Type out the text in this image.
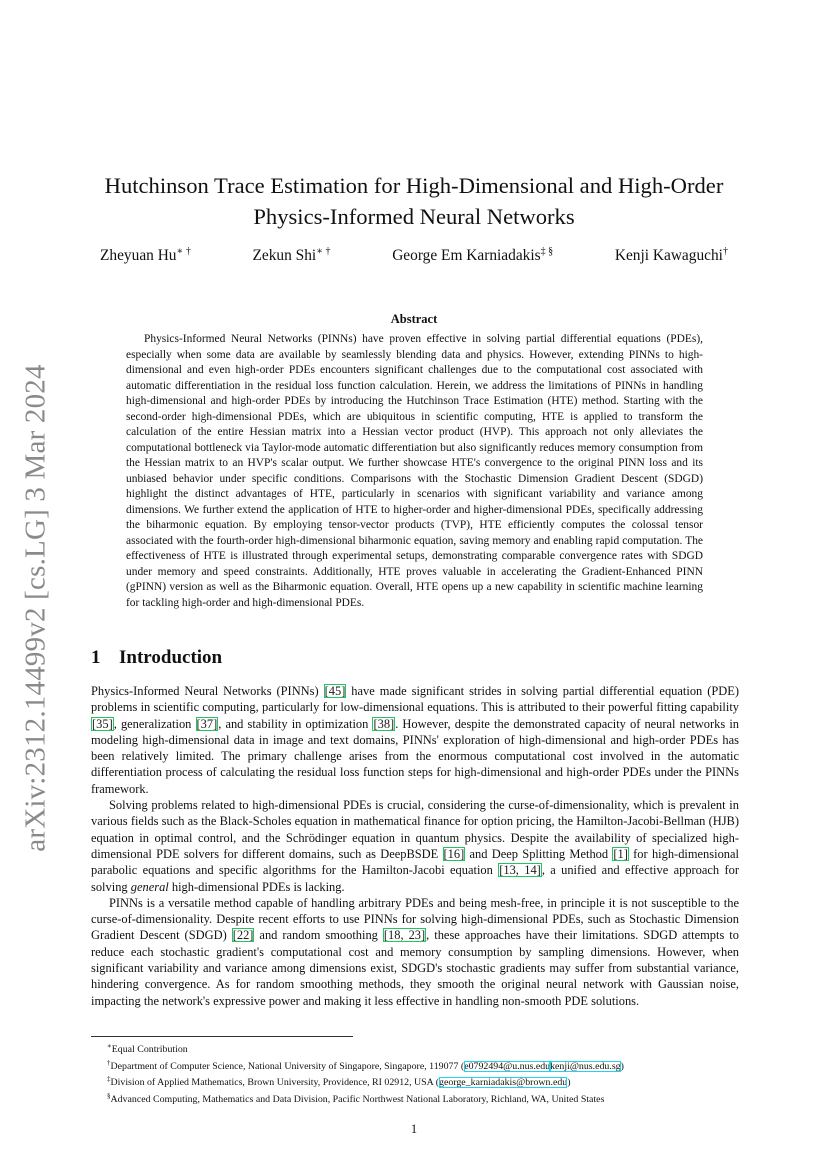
arXiv:2312.14499v2 [cs.LG] 3 Mar 2024
Hutchinson Trace Estimation for High-Dimensional and High-Order
Physics-Informed Neural Networks
Zheyuan Hu∗ †	Zekun Shi∗ †	George Em Karniadakis‡ §	Kenji Kawaguchi†
Abstract

Physics-Informed Neural Networks (PINNs) have proven effective in solving partial differential equations (PDEs), especially when some data are available by seamlessly blending data and physics. However, extending PINNs to high-dimensional and even high-order PDEs encounters significant challenges due to the computational cost associated with automatic differentiation in the residual loss function calculation. Herein, we address the limitations of PINNs in handling high-dimensional and high-order PDEs by introducing the Hutchinson Trace Estimation (HTE) method. Starting with the second-order high-dimensional PDEs, which are ubiquitous in scientific computing, HTE is applied to transform the calculation of the entire Hessian matrix into a Hessian vector product (HVP). This approach not only alleviates the computational bottleneck via Taylor-mode automatic differentiation but also significantly reduces memory consumption from the Hessian matrix to an HVP's scalar output. We further showcase HTE's convergence to the original PINN loss and its unbiased behavior under specific conditions. Comparisons with the Stochastic Dimension Gradient Descent (SDGD) highlight the distinct advantages of HTE, particularly in scenarios with significant variability and variance among dimensions. We further extend the application of HTE to higher-order and higher-dimensional PDEs, specifically addressing the biharmonic equation. By employing tensor-vector products (TVP), HTE efficiently computes the colossal tensor associated with the fourth-order high-dimensional biharmonic equation, saving memory and enabling rapid computation. The effectiveness of HTE is illustrated through experimental setups, demonstrating comparable convergence rates with SDGD under memory and speed constraints. Additionally, HTE proves valuable in accelerating the Gradient-Enhanced PINN (gPINN) version as well as the Biharmonic equation. Overall, HTE opens up a new capability in scientific machine learning for tackling high-order and high-dimensional PDEs.

1 Introduction

Physics-Informed Neural Networks (PINNs) [45] have made significant strides in solving partial differential equation (PDE) problems in scientific computing, particularly for low-dimensional equations. This is attributed to their powerful fitting capability [35], generalization [37], and stability in optimization [38]. However, despite the demonstrated capacity of neural networks in modeling high-dimensional data in image and text domains, PINNs' exploration of high-dimensional and high-order PDEs has been relatively limited. The primary challenge arises from the enormous computational cost involved in the automatic differentiation process of calculating the residual loss function steps for high-dimensional and high-order PDEs under the PINNs framework.

Solving problems related to high-dimensional PDEs is crucial, considering the curse-of-dimensionality, which is prevalent in various fields such as the Black-Scholes equation in mathematical finance for option pricing, the Hamilton-Jacobi-Bellman (HJB) equation in optimal control, and the Schrödinger equation in quantum physics. Despite the availability of specialized high-dimensional PDE solvers for different domains, such as DeepBSDE [16] and Deep Splitting Method [1] for high-dimensional parabolic equations and specific algorithms for the Hamilton-Jacobi equation [13, 14], a unified and effective approach for solving general high-dimensional PDEs is lacking.

PINNs is a versatile method capable of handling arbitrary PDEs and being mesh-free, in principle it is not susceptible to the curse-of-dimensionality. Despite recent efforts to use PINNs for solving high-dimensional PDEs, such as Stochastic Dimension Gradient Descent (SDGD) [22] and random smoothing [18, 23], these approaches have their limitations. SDGD attempts to reduce each stochastic gradient's computational cost and memory consumption by sampling dimensions. However, when significant variability and variance among dimensions exist, SDGD's stochastic gradients may suffer from substantial variance, hindering convergence. As for random smoothing methods, they smooth the original neural network with Gaussian noise, impacting the network's expressive power and making it less effective in handling non-smooth PDE solutions.

∗Equal Contribution
†Department of Computer Science, National University of Singapore, Singapore, 119077 (e0792494@u.nus.edukenji@nus.edu.sg)
‡Division of Applied Mathematics, Brown University, Providence, RI 02912, USA (george_karniadakis@brown.edu)
§Advanced Computing, Mathematics and Data Division, Pacific Northwest National Laboratory, Richland, WA, United States
1
